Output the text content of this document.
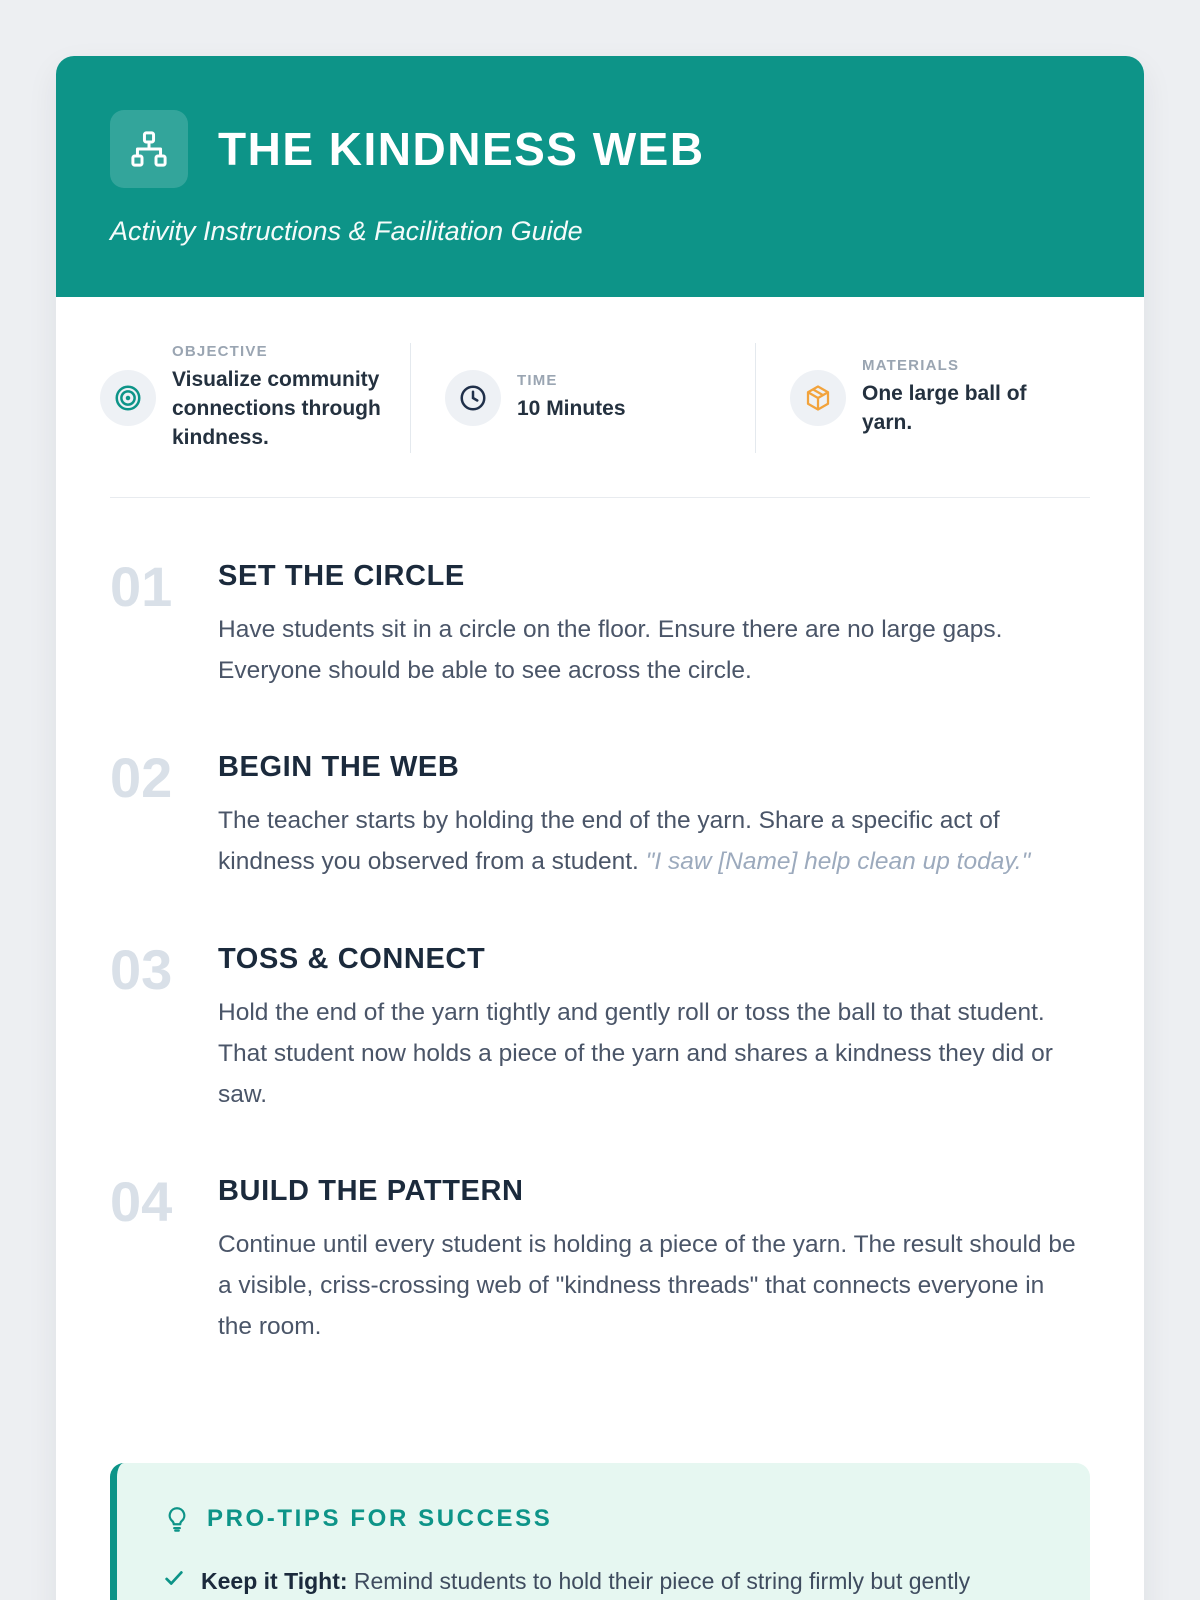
THE KINDNESS WEB

Activity Instructions & Facilitation Guide

OBJECTIVE
Visualize community connections through kindness.
TIME
10 Minutes
MATERIALS
One large ball of yarn.
01	SET THE CIRCLE

Have students sit in a circle on the floor. Ensure there are no large gaps. Everyone should be able to see across the circle.

02	BEGIN THE WEB

The teacher starts by holding the end of the yarn. Share a specific act of kindness you observed from a student. "I saw [Name] help clean up today."

03	TOSS & CONNECT

Hold the end of the yarn tightly and gently roll or toss the ball to that student. That student now holds a piece of the yarn and shares a kindness they did or saw.

04	BUILD THE PATTERN

Continue until every student is holding a piece of the yarn. The result should be a visible, criss-crossing web of "kindness threads" that connects everyone in the room.

PRO-TIPS FOR SUCCESS

Keep it Tight: Remind students to hold their piece of string firmly but gently
